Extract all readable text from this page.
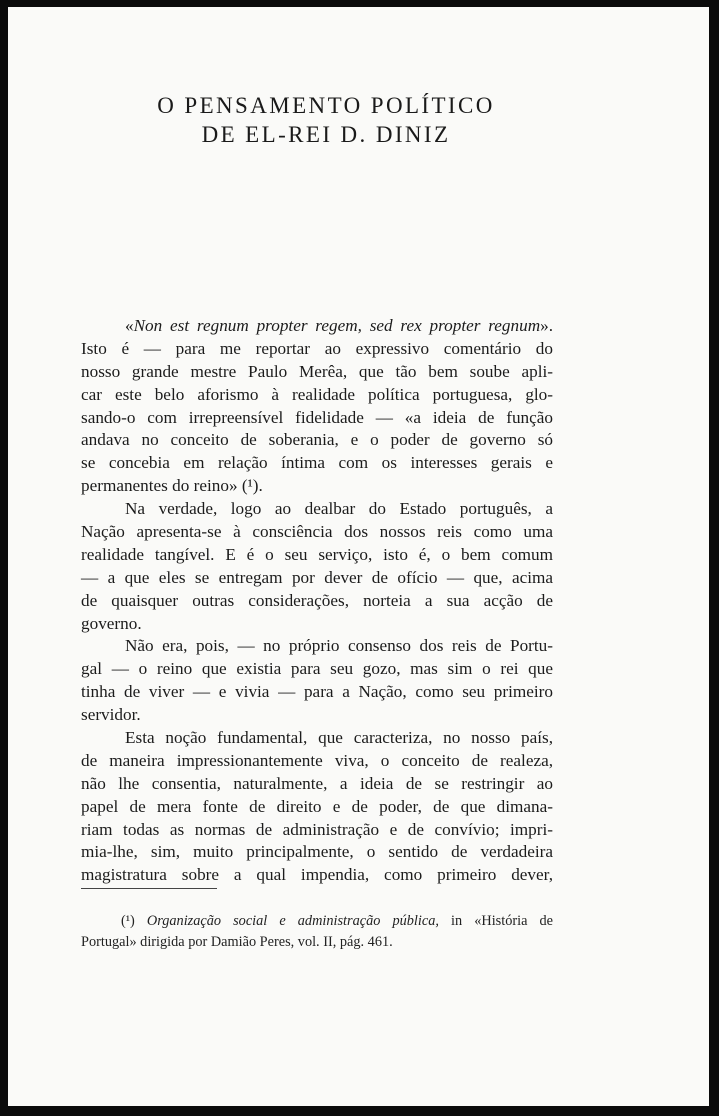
O PENSAMENTO POLÍTICO
DE EL-REI D. DINIZ
«Non est regnum propter regem, sed rex propter regnum».
Isto é — para me reportar ao expressivo comentário do
nosso grande mestre Paulo Merêa, que tão bem soube apli-
car este belo aforismo à realidade política portuguesa, glo-
sando-o com irrepreensível fidelidade — «a ideia de função
andava no conceito de soberania, e o poder de governo só
se concebia em relação íntima com os interesses gerais e
permanentes do reino» (¹).
Na verdade, logo ao dealbar do Estado português, a
Nação apresenta-se à consciência dos nossos reis como uma
realidade tangível. E é o seu serviço, isto é, o bem comum
— a que eles se entregam por dever de ofício — que, acima
de quaisquer outras considerações, norteia a sua acção de
governo.
Não era, pois, — no próprio consenso dos reis de Portu-
gal — o reino que existia para seu gozo, mas sim o rei que
tinha de viver — e vivia — para a Nação, como seu primeiro
servidor.
Esta noção fundamental, que caracteriza, no nosso país,
de maneira impressionantemente viva, o conceito de realeza,
não lhe consentia, naturalmente, a ideia de se restringir ao
papel de mera fonte de direito e de poder, de que dimana-
riam todas as normas de administração e de convívio; impri-
mia-lhe, sim, muito principalmente, o sentido de verdadeira
magistratura sobre a qual impendia, como primeiro dever,
(¹) Organização social e administração pública, in «História de
Portugal» dirigida por Damião Peres, vol. II, pág. 461.
